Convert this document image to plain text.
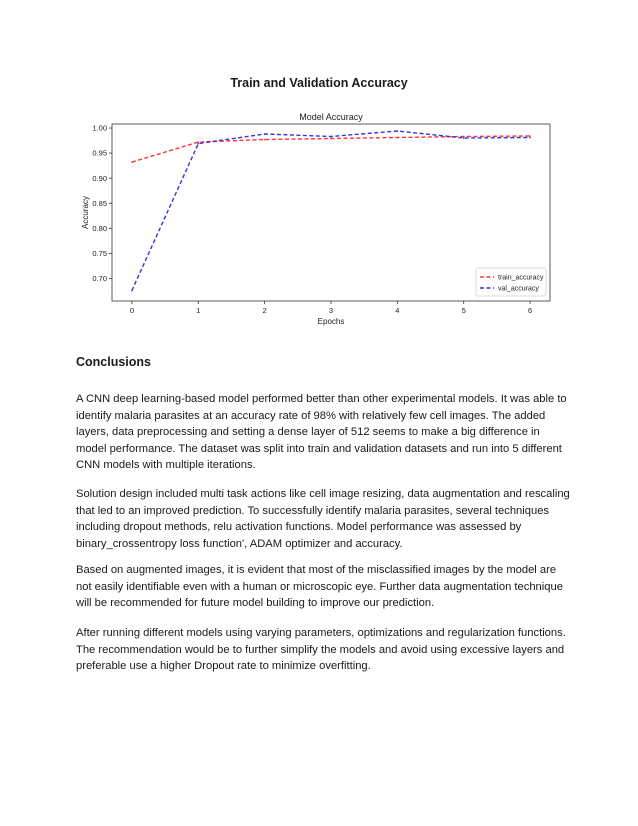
Train and Validation Accuracy
Model Accuracy
0	1	2	3	4	5	6
0.70
0.75
0.80
0.85
0.90
0.95
1.00
Epochs
Accuracy
train_accuracy
val_accuracy
Conclusions

A CNN deep learning-based model performed better than other experimental models. It was able to identify malaria parasites at an accuracy rate of 98% with relatively few cell images. The added layers, data preprocessing and setting a dense layer of 512 seems to make a big difference in model performance. The dataset was split into train and validation datasets and run into 5 different CNN models with multiple iterations.

Solution design included multi task actions like cell image resizing, data augmentation and rescaling that led to an improved prediction. To successfully identify malaria parasites, several techniques including dropout methods, relu activation functions. Model performance was assessed by binary_crossentropy loss function', ADAM optimizer and accuracy.

Based on augmented images, it is evident that most of the misclassified images by the model are not easily identifiable even with a human or microscopic eye. Further data augmentation technique will be recommended for future model building to improve our prediction.

After running different models using varying parameters, optimizations and regularization functions. The recommendation would be to further simplify the models and avoid using excessive layers and preferable use a higher Dropout rate to minimize overfitting.
